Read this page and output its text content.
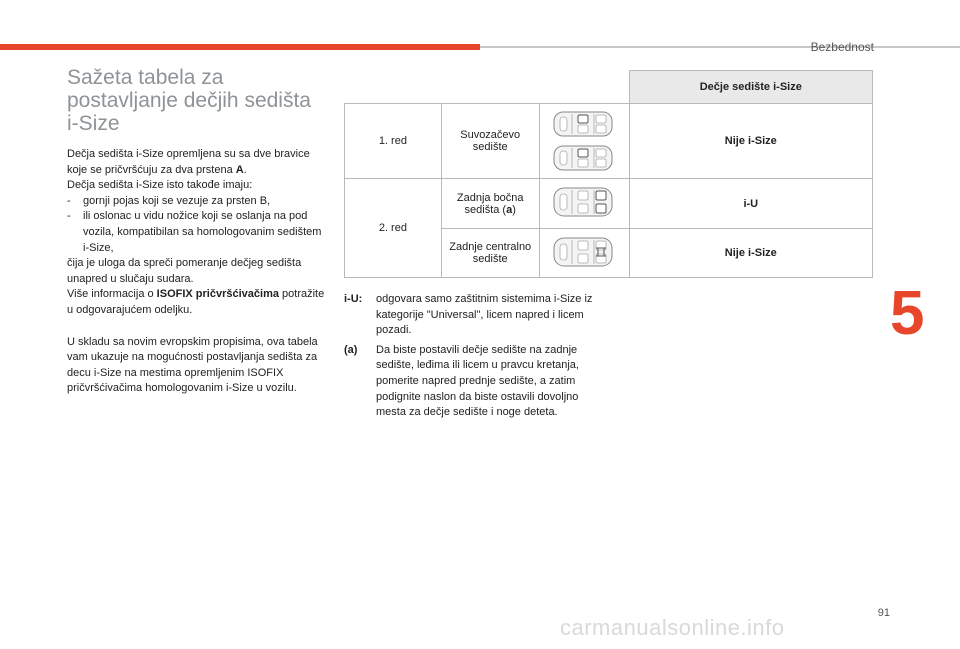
Bezbednost
5
91
carmanualsonline.info
Sažeta tabela za
postavljanje dečjih sedišta
i-Size

Dečja sedišta i-Size opremljena su sa dve bravice koje se pričvršćuju za dva prstena A.

Dečja sedišta i-Size isto takođe imaju:

-	gornji pojas koji se vezuje za prsten B,
-	ili oslonac u vidu nožice koji se oslanja na pod vozila, kompatibilan sa homologovanim sedištem i-Size,

čija je uloga da spreči pomeranje dečjeg sedišta unapred u slučaju sudara.

Više informacija o ISOFIX pričvršćivačima potražite u odgovarajućem odeljku.

U skladu sa novim evropskim propisima, ova tabela vam ukazuje na mogućnosti postavljanja sedišta za decu i-Size na mestima opremljenim ISOFIX pričvršćivačima homologovanim i-Size u vozilu.

			Dečje sedište i-Size
1. red	Suvozačevo sedište		Nije i-Size
2. red	Zadnja bočna sedišta (a)		i-U
	Zadnje centralno sedište		Nije i-Size
i-U:	odgovara samo zaštitnim sistemima i-Size iz kategorije "Universal", licem napred i licem pozadi.
(a)	Da biste postavili dečje sedište na zadnje sedište, leđima ili licem u pravcu kretanja, pomerite napred prednje sedište, a zatim podignite naslon da biste ostavili dovoljno mesta za dečje sedište i noge deteta.
